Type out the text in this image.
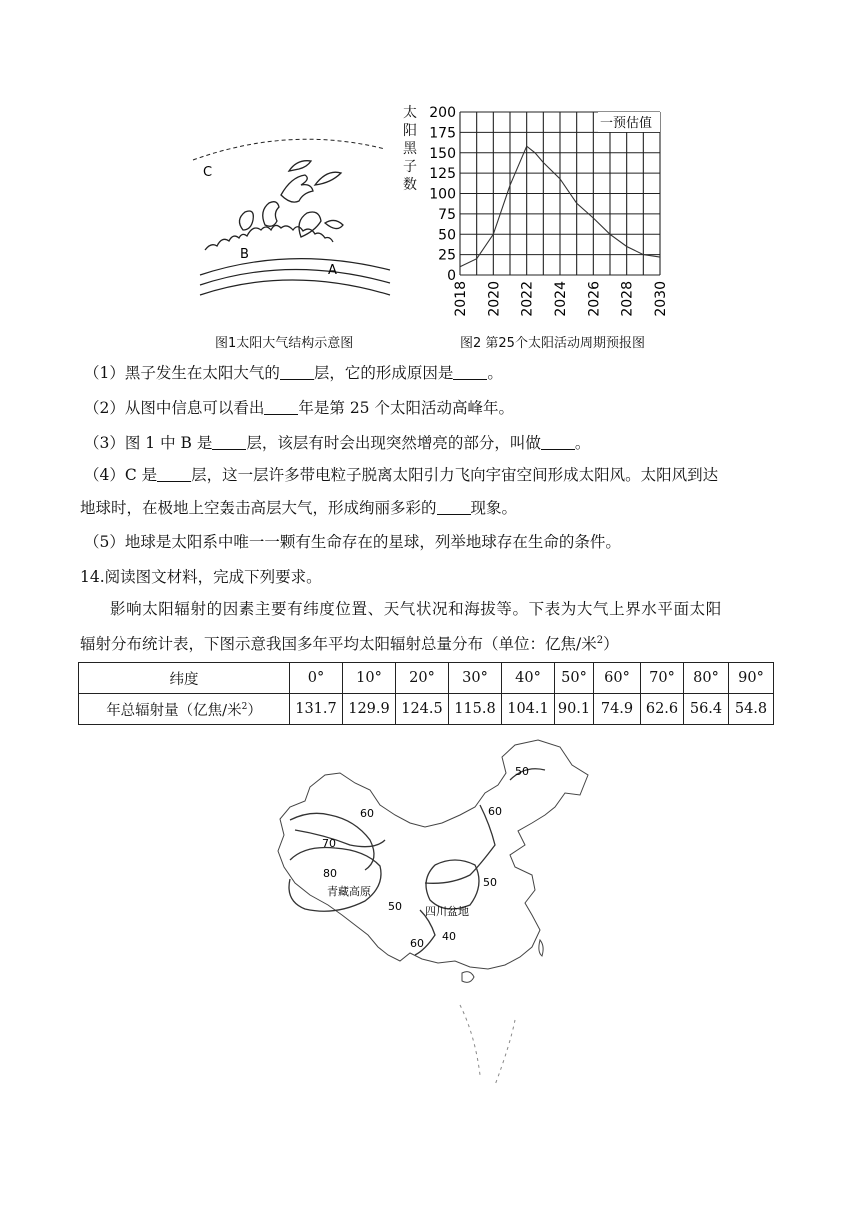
C
B
A
图1太阳大气结构示意图
太
阳
黑
子
数
200
175
150
125
100
75
50
25
0
2018 2020 2022 2024 2026 2028 2030
一预估值
图2 第25个太阳活动周期预报图
（1）黑子发生在太阳大气的 层，它的形成原因是 。
（2）从图中信息可以看出 年是第 25 个太阳活动高峰年。
（3）图 1 中 B 是 层，该层有时会出现突然增亮的部分，叫做 。
（4）C 是 层，这一层许多带电粒子脱离太阳引力飞向宇宙空间形成太阳风。太阳风到达
地球时，在极地上空轰击高层大气，形成绚丽多彩的 现象。
（5）地球是太阳系中唯一一颗有生命存在的星球，列举地球存在生命的条件。
14.阅读图文材料，完成下列要求。
影响太阳辐射的因素主要有纬度位置、天气状况和海拔等。下表为大气上界水平面太阳
辐射分布统计表，下图示意我国多年平均太阳辐射总量分布（单位：亿焦/米$^2$）
纬度	0°	10°	20°	30°	40°	50°	60°	70°	80°	90°
年总辐射量（亿焦/米$^2$）	131.7	129.9	124.5	115.8	104.1	90.1	74.9	62.6	56.4	54.8
50
60	60
70
80
50
50
40
60
青藏高原
四川盆地
